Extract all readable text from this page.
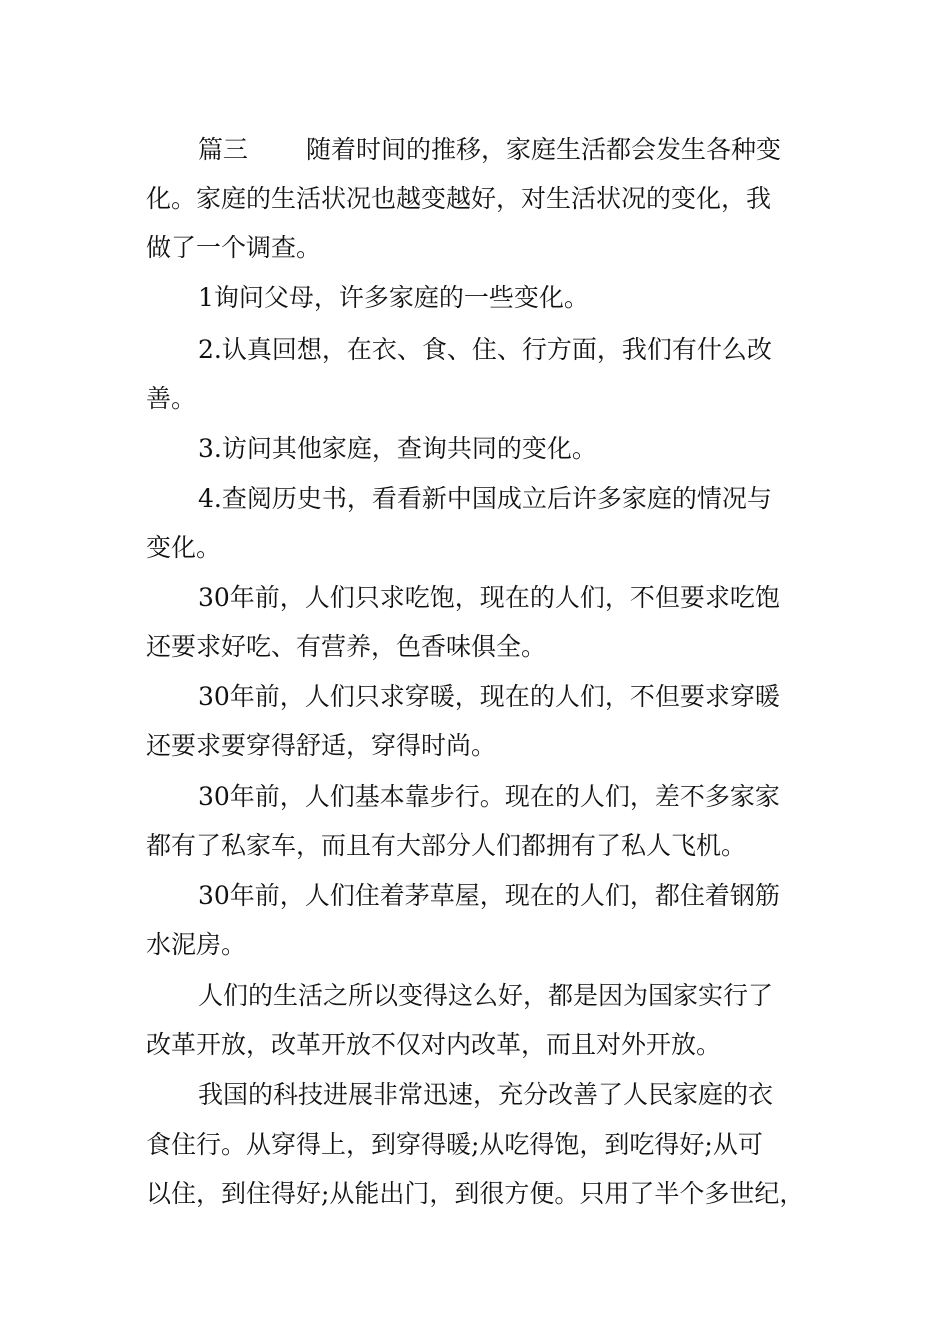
篇三 随着时间的推移，家庭生活都会发生各种变
化。家庭的生活状况也越变越好，对生活状况的变化，我
做了一个调查。
1询问父母，许多家庭的一些变化。
2.认真回想，在衣、食、住、行方面，我们有什么改
善。
3.访问其他家庭，查询共同的变化。
4.查阅历史书，看看新中国成立后许多家庭的情况与
变化。
30年前，人们只求吃饱，现在的人们，不但要求吃饱
还要求好吃、有营养，色香味俱全。
30年前，人们只求穿暖，现在的人们，不但要求穿暖
还要求要穿得舒适，穿得时尚。
30年前，人们基本靠步行。现在的人们，差不多家家
都有了私家车，而且有大部分人们都拥有了私人飞机。
30年前，人们住着茅草屋，现在的人们，都住着钢筋
水泥房。
人们的生活之所以变得这么好，都是因为国家实行了
改革开放，改革开放不仅对内改革，而且对外开放。
我国的科技进展非常迅速，充分改善了人民家庭的衣
食住行。从穿得上，到穿得暖;从吃得饱，到吃得好;从可
以住，到住得好;从能出门，到很方便。只用了半个多世纪，
